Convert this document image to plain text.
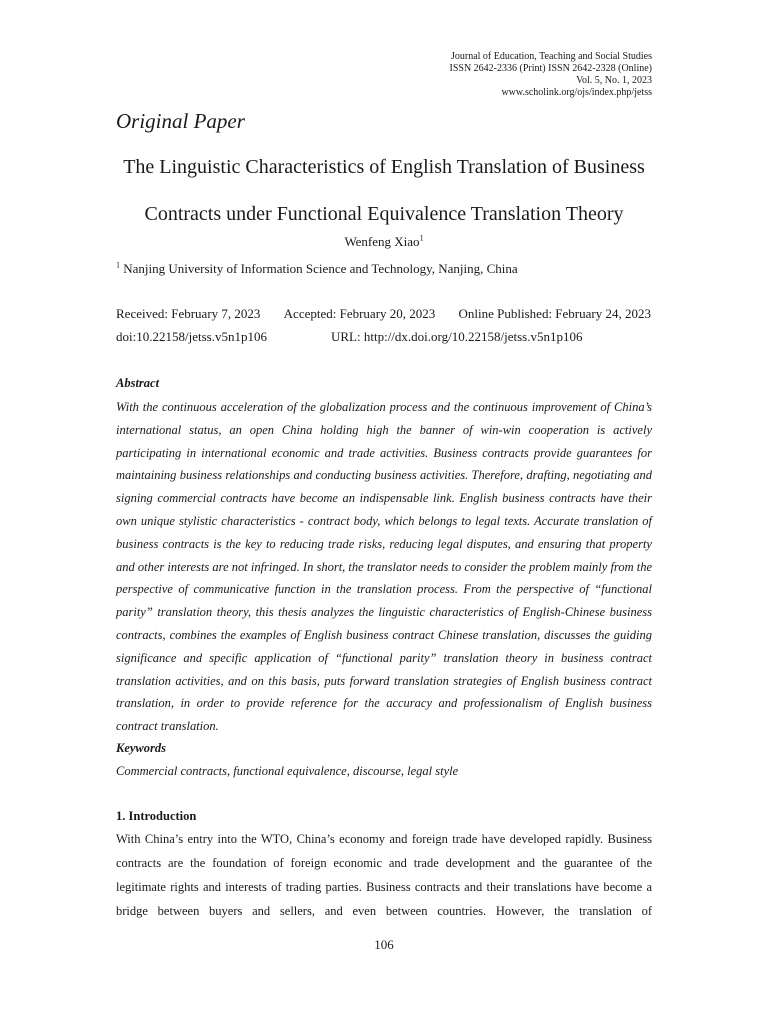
Journal of Education, Teaching and Social Studies
ISSN 2642-2336 (Print) ISSN 2642-2328 (Online)
Vol. 5, No. 1, 2023
www.scholink.org/ojs/index.php/jetss
Original Paper
The Linguistic Characteristics of English Translation of Business
Contracts under Functional Equivalence Translation Theory
Wenfeng Xiao$^1$
$^1$ Nanjing University of Information Science and Technology, Nanjing, China
Received: February 7, 2023 Accepted: February 20, 2023 Online Published: February 24, 2023
doi:10.22158/jetss.v5n1p106	URL: http://dx.doi.org/10.22158/jetss.v5n1p106
Abstract
With the continuous acceleration of the globalization process and the continuous improvement of China’s international status, an open China holding high the banner of win-win cooperation is actively participating in international economic and trade activities. Business contracts provide guarantees for maintaining business relationships and conducting business activities. Therefore, drafting, negotiating and signing commercial contracts have become an indispensable link. English business contracts have their own unique stylistic characteristics - contract body, which belongs to legal texts. Accurate translation of business contracts is the key to reducing trade risks, reducing legal disputes, and ensuring that property and other interests are not infringed. In short, the translator needs to consider the problem mainly from the perspective of communicative function in the translation process. From the perspective of “functional parity” translation theory, this thesis analyzes the linguistic characteristics of English-Chinese business contracts, combines the examples of English business contract Chinese translation, discusses the guiding significance and specific application of “functional parity” translation theory in business contract translation activities, and on this basis, puts forward translation strategies of English business contract translation, in order to provide reference for the accuracy and professionalism of English business contract translation.
Keywords
Commercial contracts, functional equivalence, discourse, legal style
1. Introduction
With China’s entry into the WTO, China’s economy and foreign trade have developed rapidly. Business contracts are the foundation of foreign economic and trade development and the guarantee of the legitimate rights and interests of trading parties. Business contracts and their translations have become a bridge between buyers and sellers, and even between countries. However, the translation of
106
